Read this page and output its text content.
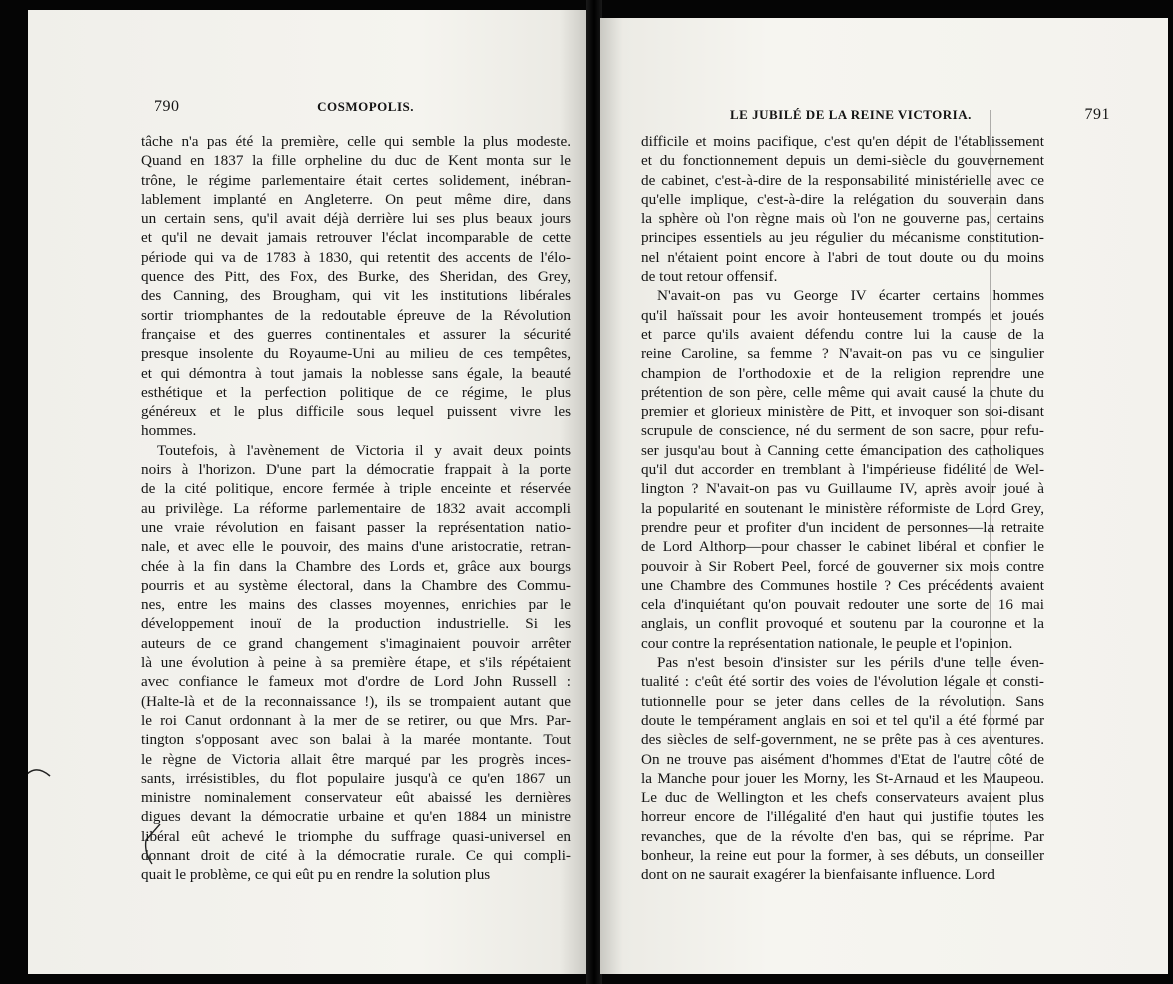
790	COSMOPOLIS.
tâche n'a pas été la première, celle qui semble la plus modeste.
Quand en 1837 la fille orpheline du duc de Kent monta sur le
trône, le régime parlementaire était certes solidement, inébran-
lablement implanté en Angleterre. On peut même dire, dans
un certain sens, qu'il avait déjà derrière lui ses plus beaux jours
et qu'il ne devait jamais retrouver l'éclat incomparable de cette
période qui va de 1783 à 1830, qui retentit des accents de l'élo-
quence des Pitt, des Fox, des Burke, des Sheridan, des Grey,
des Canning, des Brougham, qui vit les institutions libérales
sortir triomphantes de la redoutable épreuve de la Révolution
française et des guerres continentales et assurer la sécurité
presque insolente du Royaume-Uni au milieu de ces tempêtes,
et qui démontra à tout jamais la noblesse sans égale, la beauté
esthétique et la perfection politique de ce régime, le plus
généreux et le plus difficile sous lequel puissent vivre les
hommes.
Toutefois, à l'avènement de Victoria il y avait deux points
noirs à l'horizon. D'une part la démocratie frappait à la porte
de la cité politique, encore fermée à triple enceinte et réservée
au privilège. La réforme parlementaire de 1832 avait accompli
une vraie révolution en faisant passer la représentation natio-
nale, et avec elle le pouvoir, des mains d'une aristocratie, retran-
chée à la fin dans la Chambre des Lords et, grâce aux bourgs
pourris et au système électoral, dans la Chambre des Commu-
nes, entre les mains des classes moyennes, enrichies par le
développement inouï de la production industrielle. Si les
auteurs de ce grand changement s'imaginaient pouvoir arrêter
là une évolution à peine à sa première étape, et s'ils répétaient
avec confiance le fameux mot d'ordre de Lord John Russell :
(Halte-là et de la reconnaissance !), ils se trompaient autant que
le roi Canut ordonnant à la mer de se retirer, ou que Mrs. Par-
tington s'opposant avec son balai à la marée montante. Tout
le règne de Victoria allait être marqué par les progrès inces-
sants, irrésistibles, du flot populaire jusqu'à ce qu'en 1867 un
ministre nominalement conservateur eût abaissé les dernières
digues devant la démocratie urbaine et qu'en 1884 un ministre
libéral eût achevé le triomphe du suffrage quasi-universel en
donnant droit de cité à la démocratie rurale. Ce qui compli-
quait le problème, ce qui eût pu en rendre la solution plus
LE JUBILÉ DE LA REINE VICTORIA.	791
difficile et moins pacifique, c'est qu'en dépit de l'établissement
et du fonctionnement depuis un demi-siècle du gouvernement
de cabinet, c'est-à-dire de la responsabilité ministérielle avec ce
qu'elle implique, c'est-à-dire la relégation du souverain dans
la sphère où l'on règne mais où l'on ne gouverne pas, certains
principes essentiels au jeu régulier du mécanisme constitution-
nel n'étaient point encore à l'abri de tout doute ou du moins
de tout retour offensif.
N'avait-on pas vu George IV écarter certains hommes
qu'il haïssait pour les avoir honteusement trompés et joués
et parce qu'ils avaient défendu contre lui la cause de la
reine Caroline, sa femme ? N'avait-on pas vu ce singulier
champion de l'orthodoxie et de la religion reprendre une
prétention de son père, celle même qui avait causé la chute du
premier et glorieux ministère de Pitt, et invoquer son soi-disant
scrupule de conscience, né du serment de son sacre, pour refu-
ser jusqu'au bout à Canning cette émancipation des catholiques
qu'il dut accorder en tremblant à l'impérieuse fidélité de Wel-
lington ? N'avait-on pas vu Guillaume IV, après avoir joué à
la popularité en soutenant le ministère réformiste de Lord Grey,
prendre peur et profiter d'un incident de personnes—la retraite
de Lord Althorp—pour chasser le cabinet libéral et confier le
pouvoir à Sir Robert Peel, forcé de gouverner six mois contre
une Chambre des Communes hostile ? Ces précédents avaient
cela d'inquiétant qu'on pouvait redouter une sorte de 16 mai
anglais, un conflit provoqué et soutenu par la couronne et la
cour contre la représentation nationale, le peuple et l'opinion.
Pas n'est besoin d'insister sur les périls d'une telle éven-
tualité : c'eût été sortir des voies de l'évolution légale et consti-
tutionnelle pour se jeter dans celles de la révolution. Sans
doute le tempérament anglais en soi et tel qu'il a été formé par
des siècles de self-government, ne se prête pas à ces aventures.
On ne trouve pas aisément d'hommes d'Etat de l'autre côté de
la Manche pour jouer les Morny, les St-Arnaud et les Maupeou.
Le duc de Wellington et les chefs conservateurs avaient plus
horreur encore de l'illégalité d'en haut qui justifie toutes les
revanches, que de la révolte d'en bas, qui se réprime. Par
bonheur, la reine eut pour la former, à ses débuts, un conseiller
dont on ne saurait exagérer la bienfaisante influence. Lord
